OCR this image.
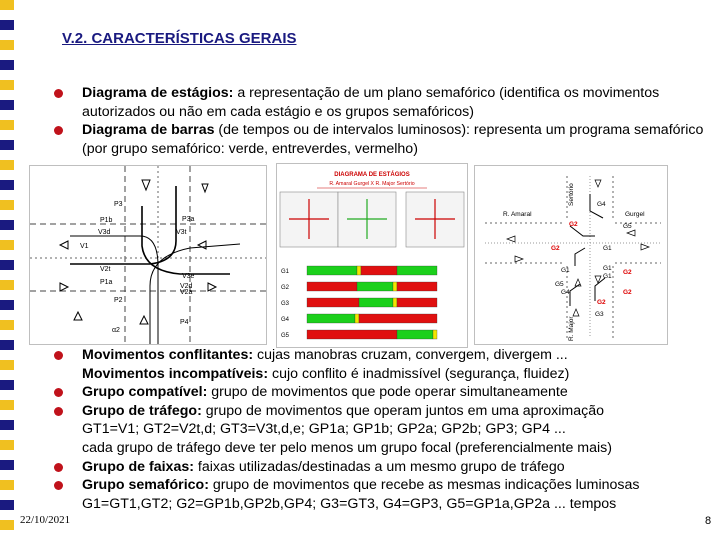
V.2. CARACTERÍSTICAS GERAIS
Diagrama de estágios: a representação de um plano semafórico (identifica os movimentos autorizados ou não em cada estágio e os grupos semafóricos)
Diagrama de barras (de tempos ou de intervalos luminosos): representa um programa semafórico (por grupo semafórico: verde, entreverdes, vermelho)
P3
P1b
V3d
V1
V2t
P1a
P3a
V3t
V3e
V2d
V2a
P2
P4
α2
DIAGRAMA DE ESTÁGIOS
R. Amaral Gurgel X R. Major Sertório
G1
G2
G3
G4
G5
R. Amaral	Gurgel
Sertório
R. Major
G4
G5
G1
G1
G1
G5
G4
G3
G1
G2
G2
G2
G2
G2
Movimentos conflitantes: cujas manobras cruzam, convergem, divergem ...
Movimentos incompatíveis: cujo conflito é inadmissível (segurança, fluidez)
Grupo compatível: grupo de movimentos que pode operar simultaneamente
Grupo de tráfego: grupo de movimentos que operam juntos em uma aproximação
GT1=V1; GT2=V2t,d; GT3=V3t,d,e; GP1a; GP1b; GP2a; GP2b; GP3; GP4 ...
cada grupo de tráfego deve ter pelo menos um grupo focal (preferencialmente mais)
Grupo de faixas: faixas utilizadas/destinadas a um mesmo grupo de tráfego
Grupo semafórico: grupo de movimentos que recebe as mesmas indicações luminosas
G1=GT1,GT2; G2=GP1b,GP2b,GP4; G3=GT3, G4=GP3, G5=GP1a,GP2a ... tempos
22/10/2021	8
